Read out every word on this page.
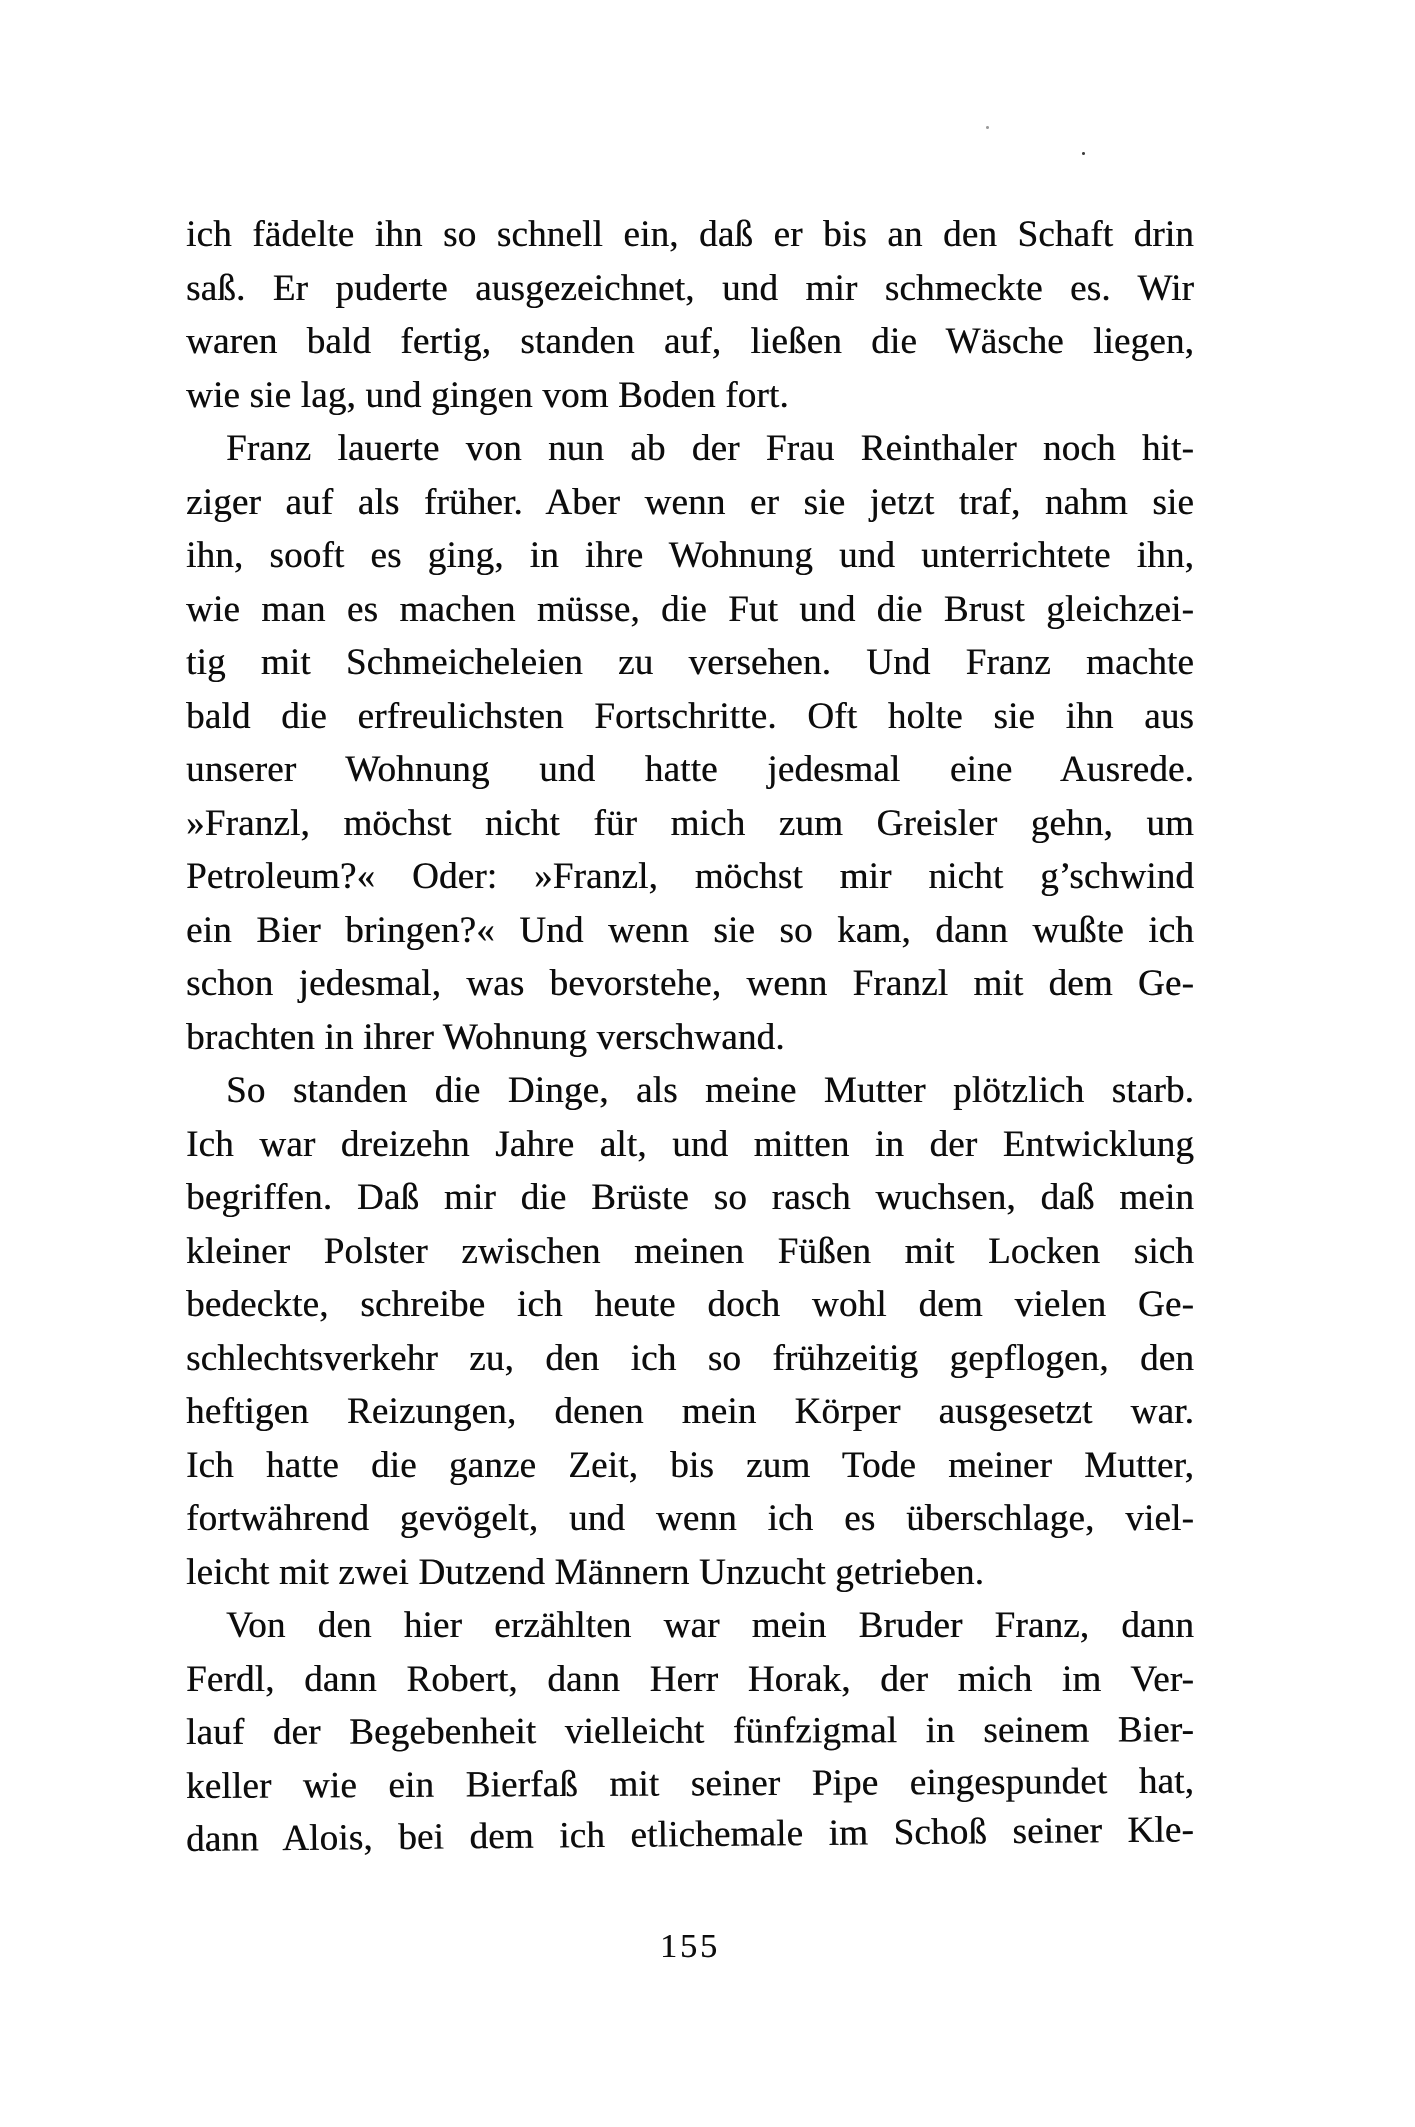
ich fädelte ihn so schnell ein, daß er bis an den Schaft drin
saß. Er puderte ausgezeichnet, und mir schmeckte es. Wir
waren bald fertig, standen auf, ließen die Wäsche liegen,
wie sie lag, und gingen vom Boden fort.
Franz lauerte von nun ab der Frau Reinthaler noch hit-
ziger auf als früher. Aber wenn er sie jetzt traf, nahm sie
ihn, sooft es ging, in ihre Wohnung und unterrichtete ihn,
wie man es machen müsse, die Fut und die Brust gleichzei-
tig mit Schmeicheleien zu versehen. Und Franz machte
bald die erfreulichsten Fortschritte. Oft holte sie ihn aus
unserer Wohnung und hatte jedesmal eine Ausrede.
»Franzl, möchst nicht für mich zum Greisler gehn, um
Petroleum?« Oder: »Franzl, möchst mir nicht g’schwind
ein Bier bringen?« Und wenn sie so kam, dann wußte ich
schon jedesmal, was bevorstehe, wenn Franzl mit dem Ge-
brachten in ihrer Wohnung verschwand.
So standen die Dinge, als meine Mutter plötzlich starb.
Ich war dreizehn Jahre alt, und mitten in der Entwicklung
begriffen. Daß mir die Brüste so rasch wuchsen, daß mein
kleiner Polster zwischen meinen Füßen mit Locken sich
bedeckte, schreibe ich heute doch wohl dem vielen Ge-
schlechtsverkehr zu, den ich so frühzeitig gepflogen, den
heftigen Reizungen, denen mein Körper ausgesetzt war.
Ich hatte die ganze Zeit, bis zum Tode meiner Mutter,
fortwährend gevögelt, und wenn ich es überschlage, viel-
leicht mit zwei Dutzend Männern Unzucht getrieben.
Von den hier erzählten war mein Bruder Franz, dann
Ferdl, dann Robert, dann Herr Horak, der mich im Ver-
lauf der Begebenheit vielleicht fünfzigmal in seinem Bier-
keller wie ein Bierfaß mit seiner Pipe eingespundet hat,
dann Alois, bei dem ich etlichemale im Schoß seiner Kle-
155
